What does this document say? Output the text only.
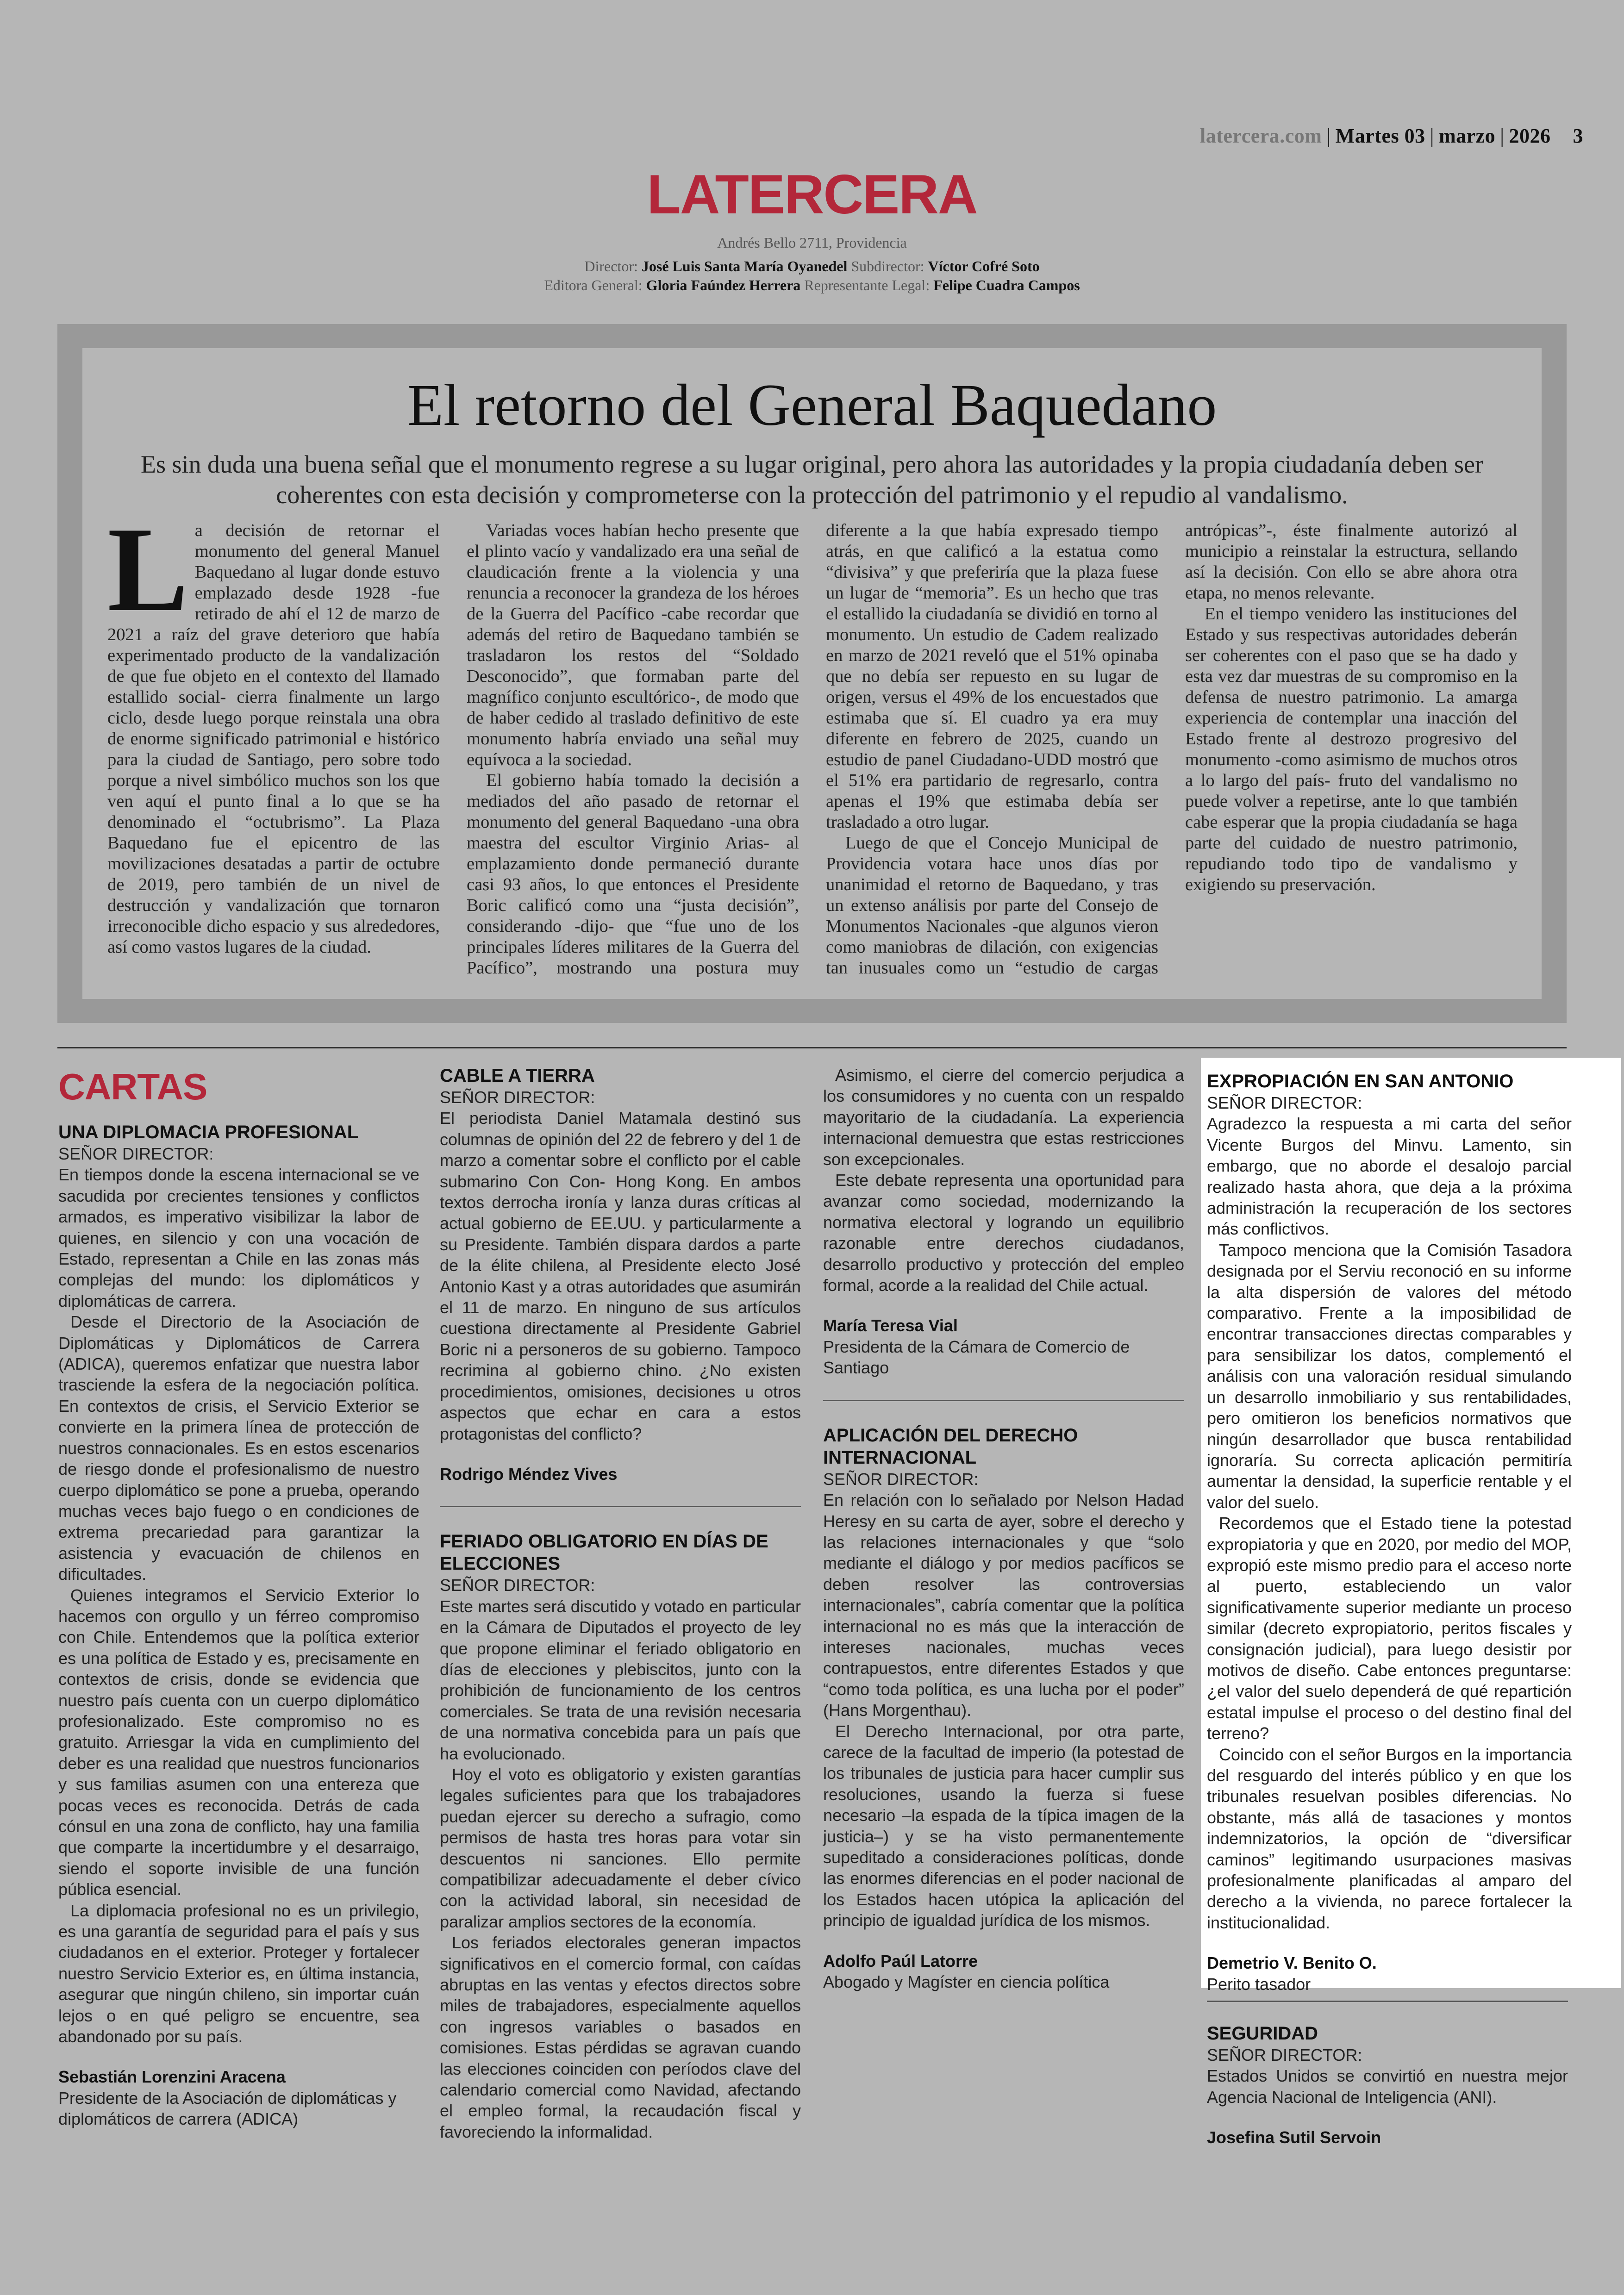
latercera.com | Martes 03 | marzo | 2026 3
LATERCERA
Andrés Bello 2711, Providencia
Director: José Luis Santa María Oyanedel Subdirector: Víctor Cofré Soto
Editora General: Gloria Faúndez Herrera Representante Legal: Felipe Cuadra Campos
El retorno del General Baquedano
Es sin duda una buena señal que el monumento regrese a su lugar original, pero ahora las autoridades y la propia ciudadanía deben ser coherentes con esta decisión y comprometerse con la protección del patrimonio y el repudio al vandalismo.

La decisión de retornar el monumento del general Manuel Baquedano al lugar donde estuvo emplazado desde 1928 -fue retirado de ahí el 12 de marzo de 2021 a raíz del grave deterioro que había experimentado producto de la vandalización de que fue objeto en el contexto del llamado estallido social- cierra finalmente un largo ciclo, desde luego porque reinstala una obra de enorme significado patrimonial e histórico para la ciudad de Santiago, pero sobre todo porque a nivel simbólico muchos son los que ven aquí el punto final a lo que se ha denominado el “octubrismo”. La Plaza Baquedano fue el epicentro de las movilizaciones desatadas a partir de octubre de 2019, pero también de un nivel de destrucción y vandalización que tornaron irreconocible dicho espacio y sus alrededores, así como vastos lugares de la ciudad.

Variadas voces habían hecho presente que el plinto vacío y vandalizado era una señal de claudicación frente a la violencia y una renuncia a reconocer la grandeza de los héroes de la Guerra del Pacífico -cabe recordar que además del retiro de Baquedano también se trasladaron los restos del “Soldado Desconocido”, que formaban parte del magnífico conjunto escultórico-, de modo que de haber cedido al traslado definitivo de este monumento habría enviado una señal muy equívoca a la sociedad.

El gobierno había tomado la decisión a mediados del año pasado de retornar el monumento del general Baquedano -una obra maestra del escultor Virginio Arias- al emplazamiento donde permaneció durante casi 93 años, lo que entonces el Presidente Boric calificó como una “justa decisión”, considerando -dijo- que “fue uno de los principales líderes militares de la Guerra del Pacífico”, mostrando una postura muy diferente a la que había expresado tiempo atrás, en que calificó a la estatua como “divisiva” y que preferiría que la plaza fuese un lugar de “memoria”. Es un hecho que tras el estallido la ciudadanía se dividió en torno al monumento. Un estudio de Cadem realizado en marzo de 2021 reveló que el 51% opinaba que no debía ser repuesto en su lugar de origen, versus el 49% de los encuestados que estimaba que sí. El cuadro ya era muy diferente en febrero de 2025, cuando un estudio de panel Ciudadano-UDD mostró que el 51% era partidario de regresarlo, contra apenas el 19% que estimaba debía ser trasladado a otro lugar.

Luego de que el Concejo Municipal de Providencia votara hace unos días por unanimidad el retorno de Baquedano, y tras un extenso análisis por parte del Consejo de Monumentos Nacionales -que algunos vieron como maniobras de dilación, con exigencias tan inusuales como un “estudio de cargas antrópicas”-, éste finalmente autorizó al municipio a reinstalar la estructura, sellando así la decisión. Con ello se abre ahora otra etapa, no menos relevante.

En el tiempo venidero las instituciones del Estado y sus respectivas autoridades deberán ser coherentes con el paso que se ha dado y esta vez dar muestras de su compromiso en la defensa de nuestro patrimonio. La amarga experiencia de contemplar una inacción del Estado frente al destrozo progresivo del monumento -como asimismo de muchos otros a lo largo del país- fruto del vandalismo no puede volver a repetirse, ante lo que también cabe esperar que la propia ciudadanía se haga parte del cuidado de nuestro patrimonio, repudiando todo tipo de vandalismo y exigiendo su preservación.

CARTAS
UNA DIPLOMACIA PROFESIONAL

SEÑOR DIRECTOR:

En tiempos donde la escena internacional se ve sacudida por crecientes tensiones y conflictos armados, es imperativo visibilizar la labor de quienes, en silencio y con una vocación de Estado, representan a Chile en las zonas más complejas del mundo: los diplomáticos y diplomáticas de carrera.

Desde el Directorio de la Asociación de Diplomáticas y Diplomáticos de Carrera (ADICA), queremos enfatizar que nuestra labor trasciende la esfera de la negociación política. En contextos de crisis, el Servicio Exterior se convierte en la primera línea de protección de nuestros connacionales. Es en estos escenarios de riesgo donde el profesionalismo de nuestro cuerpo diplomático se pone a prueba, operando muchas veces bajo fuego o en condiciones de extrema precariedad para garantizar la asistencia y evacuación de chilenos en dificultades.

Quienes integramos el Servicio Exterior lo hacemos con orgullo y un férreo compromiso con Chile. Entendemos que la política exterior es una política de Estado y es, precisamente en contextos de crisis, donde se evidencia que nuestro país cuenta con un cuerpo diplomático profesionalizado. Este compromiso no es gratuito. Arriesgar la vida en cumplimiento del deber es una realidad que nuestros funcionarios y sus familias asumen con una entereza que pocas veces es reconocida. Detrás de cada cónsul en una zona de conflicto, hay una familia que comparte la incertidumbre y el desarraigo, siendo el soporte invisible de una función pública esencial.

La diplomacia profesional no es un privilegio, es una garantía de seguridad para el país y sus ciudadanos en el exterior. Proteger y fortalecer nuestro Servicio Exterior es, en última instancia, asegurar que ningún chileno, sin importar cuán lejos o en qué peligro se encuentre, sea abandonado por su país.

Sebastián Lorenzini Aracena
Presidente de la Asociación de diplomáticas y diplomáticos de carrera (ADICA)
CABLE A TIERRA

SEÑOR DIRECTOR:

El periodista Daniel Matamala destinó sus columnas de opinión del 22 de febrero y del 1 de marzo a comentar sobre el conflicto por el cable submarino Con Con- Hong Kong. En ambos textos derrocha ironía y lanza duras críticas al actual gobierno de EE.UU. y particularmente a su Presidente. También dispara dardos a parte de la élite chilena, al Presidente electo José Antonio Kast y a otras autoridades que asumirán el 11 de marzo. En ninguno de sus artículos cuestiona directamente al Presidente Gabriel Boric ni a personeros de su gobierno. Tampoco recrimina al gobierno chino. ¿No existen procedimientos, omisiones, decisiones u otros aspectos que echar en cara a estos protagonistas del conflicto?

Rodrigo Méndez Vives
FERIADO OBLIGATORIO EN DÍAS DE ELECCIONES

SEÑOR DIRECTOR:

Este martes será discutido y votado en particular en la Cámara de Diputados el proyecto de ley que propone eliminar el feriado obligatorio en días de elecciones y plebiscitos, junto con la prohibición de funcionamiento de los centros comerciales. Se trata de una revisión necesaria de una normativa concebida para un país que ha evolucionado.

Hoy el voto es obligatorio y existen garantías legales suficientes para que los trabajadores puedan ejercer su derecho a sufragio, como permisos de hasta tres horas para votar sin descuentos ni sanciones. Ello permite compatibilizar adecuadamente el deber cívico con la actividad laboral, sin necesidad de paralizar amplios sectores de la economía.

Los feriados electorales generan impactos significativos en el comercio formal, con caídas abruptas en las ventas y efectos directos sobre miles de trabajadores, especialmente aquellos con ingresos variables o basados en comisiones. Estas pérdidas se agravan cuando las elecciones coinciden con períodos clave del calendario comercial como Navidad, afectando el empleo formal, la recaudación fiscal y favoreciendo la informalidad.

Asimismo, el cierre del comercio perjudica a los consumidores y no cuenta con un respaldo mayoritario de la ciudadanía. La experiencia internacional demuestra que estas restricciones son excepcionales.

Este debate representa una oportunidad para avanzar como sociedad, modernizando la normativa electoral y logrando un equilibrio razonable entre derechos ciudadanos, desarrollo productivo y protección del empleo formal, acorde a la realidad del Chile actual.

María Teresa Vial
Presidenta de la Cámara de Comercio de Santiago
APLICACIÓN DEL DERECHO INTERNACIONAL

SEÑOR DIRECTOR:

En relación con lo señalado por Nelson Hadad Heresy en su carta de ayer, sobre el derecho y las relaciones internacionales y que “solo mediante el diálogo y por medios pacíficos se deben resolver las controversias internacionales”, cabría comentar que la política internacional no es más que la interacción de intereses nacionales, muchas veces contrapuestos, entre diferentes Estados y que “como toda política, es una lucha por el poder” (Hans Morgenthau).

El Derecho Internacional, por otra parte, carece de la facultad de imperio (la potestad de los tribunales de justicia para hacer cumplir sus resoluciones, usando la fuerza si fuese necesario –la espada de la típica imagen de la justicia–) y se ha visto permanentemente supeditado a consideraciones políticas, donde las enormes diferencias en el poder nacional de los Estados hacen utópica la aplicación del principio de igualdad jurídica de los mismos.

Adolfo Paúl Latorre
Abogado y Magíster en ciencia política
EXPROPIACIÓN EN SAN ANTONIO

SEÑOR DIRECTOR:

Agradezco la respuesta a mi carta del señor Vicente Burgos del Minvu. Lamento, sin embargo, que no aborde el desalojo parcial realizado hasta ahora, que deja a la próxima administración la recuperación de los sectores más conflictivos.

Tampoco menciona que la Comisión Tasadora designada por el Serviu reconoció en su informe la alta dispersión de valores del método comparativo. Frente a la imposibilidad de encontrar transacciones directas comparables y para sensibilizar los datos, complementó el análisis con una valoración residual simulando un desarrollo inmobiliario y sus rentabilidades, pero omitieron los beneficios normativos que ningún desarrollador que busca rentabilidad ignoraría. Su correcta aplicación permitiría aumentar la densidad, la superficie rentable y el valor del suelo.

Recordemos que el Estado tiene la potestad expropiatoria y que en 2020, por medio del MOP, expropió este mismo predio para el acceso norte al puerto, estableciendo un valor significativamente superior mediante un proceso similar (decreto expropiatorio, peritos fiscales y consignación judicial), para luego desistir por motivos de diseño. Cabe entonces preguntarse: ¿el valor del suelo dependerá de qué repartición estatal impulse el proceso o del destino final del terreno?

Coincido con el señor Burgos en la importancia del resguardo del interés público y en que los tribunales resuelvan posibles diferencias. No obstante, más allá de tasaciones y montos indemnizatorios, la opción de “diversificar caminos” legitimando usurpaciones masivas profesionalmente planificadas al amparo del derecho a la vivienda, no parece fortalecer la institucionalidad.

Demetrio V. Benito O.
Perito tasador
SEGURIDAD

SEÑOR DIRECTOR:

Estados Unidos se convirtió en nuestra mejor Agencia Nacional de Inteligencia (ANI).

Josefina Sutil Servoin
